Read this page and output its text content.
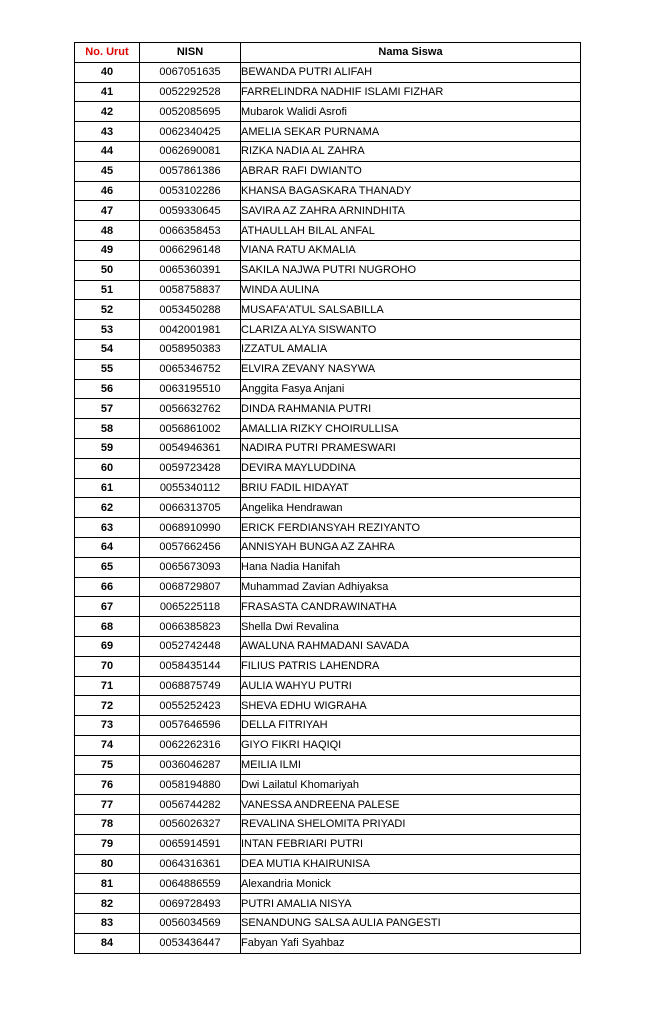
No. Urut	NISN	Nama Siswa
40	0067051635	BEWANDA PUTRI ALIFAH
41	0052292528	FARRELINDRA NADHIF ISLAMI FIZHAR
42	0052085695	Mubarok Walidi Asrofi
43	0062340425	AMELIA SEKAR PURNAMA
44	0062690081	RIZKA NADIA AL ZAHRA
45	0057861386	ABRAR RAFI DWIANTO
46	0053102286	KHANSA BAGASKARA THANADY
47	0059330645	SAVIRA AZ ZAHRA ARNINDHITA
48	0066358453	ATHAULLAH BILAL ANFAL
49	0066296148	VIANA RATU AKMALIA
50	0065360391	SAKILA NAJWA PUTRI NUGROHO
51	0058758837	WINDA AULINA
52	0053450288	MUSAFA'ATUL SALSABILLA
53	0042001981	CLARIZA ALYA SISWANTO
54	0058950383	IZZATUL AMALIA
55	0065346752	ELVIRA ZEVANY NASYWA
56	0063195510	Anggita Fasya Anjani
57	0056632762	DINDA RAHMANIA PUTRI
58	0056861002	AMALLIA RIZKY CHOIRULLISA
59	0054946361	NADIRA PUTRI PRAMESWARI
60	0059723428	DEVIRA MAYLUDDINA
61	0055340112	BRIU FADIL HIDAYAT
62	0066313705	Angelika Hendrawan
63	0068910990	ERICK FERDIANSYAH REZIYANTO
64	0057662456	ANNISYAH BUNGA AZ ZAHRA
65	0065673093	Hana Nadia Hanifah
66	0068729807	Muhammad Zavian Adhiyaksa
67	0065225118	FRASASTA CANDRAWINATHA
68	0066385823	Shella Dwi Revalina
69	0052742448	AWALUNA RAHMADANI SAVADA
70	0058435144	FILIUS PATRIS LAHENDRA
71	0068875749	AULIA WAHYU PUTRI
72	0055252423	SHEVA EDHU WIGRAHA
73	0057646596	DELLA FITRIYAH
74	0062262316	GIYO FIKRI HAQIQI
75	0036046287	MEILIA ILMI
76	0058194880	Dwi Lailatul Khomariyah
77	0056744282	VANESSA ANDREENA PALESE
78	0056026327	REVALINA SHELOMITA PRIYADI
79	0065914591	INTAN FEBRIARI PUTRI
80	0064316361	DEA MUTIA KHAIRUNISA
81	0064886559	Alexandria Monick
82	0069728493	PUTRI AMALIA NISYA
83	0056034569	SENANDUNG SALSA AULIA PANGESTI
84	0053436447	Fabyan Yafi Syahbaz
